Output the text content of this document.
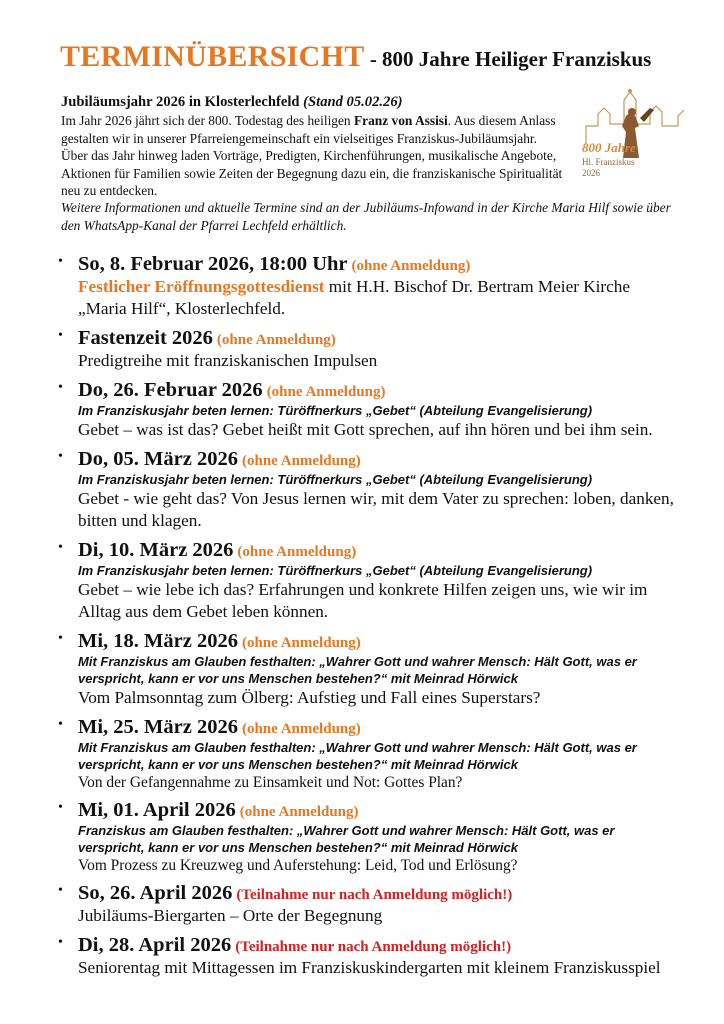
TERMINÜBERSICHT - 800 Jahre Heiliger Franziskus
Jubiläumsjahr 2026 in Klosterlechfeld (Stand 05.02.26)

Im Jahr 2026 jährt sich der 800. Todestag des heiligen Franz von Assisi. Aus diesem Anlass gestalten wir in unserer Pfarreiengemeinschaft ein vielseitiges Franziskus-Jubiläumsjahr. Über das Jahr hinweg laden Vorträge, Predigten, Kirchenführungen, musikalische Angebote, Aktionen für Familien sowie Zeiten der Begegnung dazu ein, die franziskanische Spiritualität neu zu entdecken.

Weitere Informationen und aktuelle Termine sind an der Jubiläums-Infowand in der Kirche Maria Hilf sowie über den WhatsApp-Kanal der Pfarrei Lechfeld erhältlich.

800 Jahre
Hl. Franziskus
2026
• So, 8. Februar 2026, 18:00 Uhr (ohne Anmeldung)
Festlicher Eröffnungsgottesdienst mit H.H. Bischof Dr. Bertram Meier Kirche „Maria Hilf“, Klosterlechfeld.
• Fastenzeit 2026 (ohne Anmeldung)
Predigtreihe mit franziskanischen Impulsen
• Do, 26. Februar 2026 (ohne Anmeldung)
Im Franziskusjahr beten lernen: Türöffnerkurs „Gebet“ (Abteilung Evangelisierung)
Gebet – was ist das? Gebet heißt mit Gott sprechen, auf ihn hören und bei ihm sein.
• Do, 05. März 2026 (ohne Anmeldung)
Im Franziskusjahr beten lernen: Türöffnerkurs „Gebet“ (Abteilung Evangelisierung)
Gebet - wie geht das? Von Jesus lernen wir, mit dem Vater zu sprechen: loben, danken, bitten und klagen.
• Di, 10. März 2026 (ohne Anmeldung)
Im Franziskusjahr beten lernen: Türöffnerkurs „Gebet“ (Abteilung Evangelisierung)
Gebet – wie lebe ich das? Erfahrungen und konkrete Hilfen zeigen uns, wie wir im Alltag aus dem Gebet leben können.
• Mi, 18. März 2026 (ohne Anmeldung)
Mit Franziskus am Glauben festhalten: „Wahrer Gott und wahrer Mensch: Hält Gott, was er verspricht, kann er vor uns Menschen bestehen?“ mit Meinrad Hörwick
Vom Palmsonntag zum Ölberg: Aufstieg und Fall eines Superstars?
• Mi, 25. März 2026 (ohne Anmeldung)
Mit Franziskus am Glauben festhalten: „Wahrer Gott und wahrer Mensch: Hält Gott, was er verspricht, kann er vor uns Menschen bestehen?“ mit Meinrad Hörwick
Von der Gefangennahme zu Einsamkeit und Not: Gottes Plan?
• Mi, 01. April 2026 (ohne Anmeldung)
Franziskus am Glauben festhalten: „Wahrer Gott und wahrer Mensch: Hält Gott, was er verspricht, kann er vor uns Menschen bestehen?“ mit Meinrad Hörwick
Vom Prozess zu Kreuzweg und Auferstehung: Leid, Tod und Erlösung?
• So, 26. April 2026 (Teilnahme nur nach Anmeldung möglich!)
Jubiläums-Biergarten – Orte der Begegnung
• Di, 28. April 2026 (Teilnahme nur nach Anmeldung möglich!)
Seniorentag mit Mittagessen im Franziskuskindergarten mit kleinem Franziskusspiel
